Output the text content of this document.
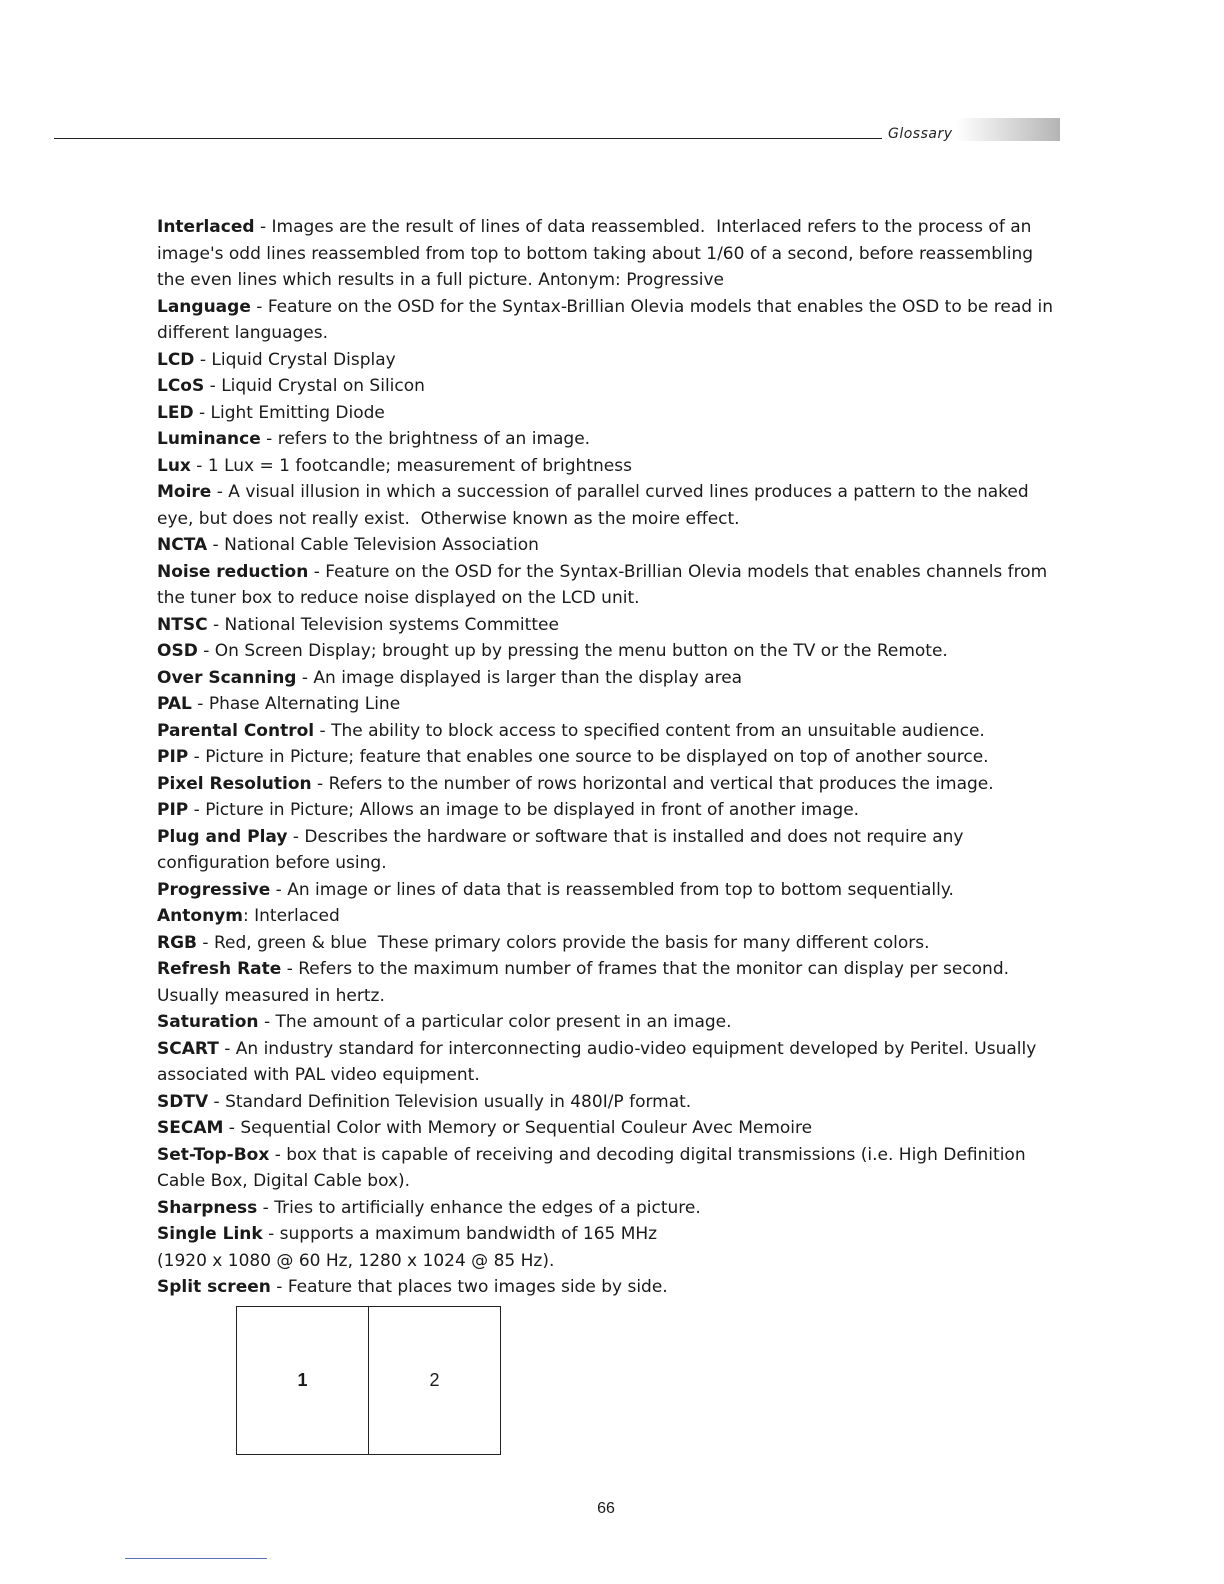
Glossary

Interlaced - Images are the result of lines of data reassembled.  Interlaced refers to the process of an image's odd lines reassembled from top to bottom taking about 1/60 of a second, before reassembling the even lines which results in a full picture. Antonym: Progressive

Language - Feature on the OSD for the Syntax-Brillian Olevia models that enables the OSD to be read in different languages.

LCD - Liquid Crystal Display

LCoS - Liquid Crystal on Silicon

LED - Light Emitting Diode

Luminance - refers to the brightness of an image.

Lux - 1 Lux = 1 footcandle; measurement of brightness

Moire - A visual illusion in which a succession of parallel curved lines produces a pattern to the naked eye, but does not really exist.  Otherwise known as the moire effect.

NCTA - National Cable Television Association

Noise reduction - Feature on the OSD for the Syntax-Brillian Olevia models that enables channels from the tuner box to reduce noise displayed on the LCD unit.

NTSC - National Television systems Committee

OSD - On Screen Display; brought up by pressing the menu button on the TV or the Remote.

Over Scanning - An image displayed is larger than the display area

PAL - Phase Alternating Line

Parental Control - The ability to block access to specified content from an unsuitable audience.

PIP - Picture in Picture; feature that enables one source to be displayed on top of another source.

Pixel Resolution - Refers to the number of rows horizontal and vertical that produces the image.

PIP - Picture in Picture; Allows an image to be displayed in front of another image.

Plug and Play - Describes the hardware or software that is installed and does not require any configuration before using.

Progressive - An image or lines of data that is reassembled from top to bottom sequentially.

Antonym: Interlaced

RGB - Red, green & blue  These primary colors provide the basis for many different colors.

Refresh Rate - Refers to the maximum number of frames that the monitor can display per second. Usually measured in hertz.

Saturation - The amount of a particular color present in an image.

SCART - An industry standard for interconnecting audio-video equipment developed by Peritel. Usually associated with PAL video equipment.

SDTV - Standard Definition Television usually in 480I/P format.

SECAM - Sequential Color with Memory or Sequential Couleur Avec Memoire

Set-Top-Box - box that is capable of receiving and decoding digital transmissions (i.e. High Definition Cable Box, Digital Cable box).

Sharpness - Tries to artificially enhance the edges of a picture.

Single Link - supports a maximum bandwidth of 165 MHz
(1920 x 1080 @ 60 Hz, 1280 x 1024 @ 85 Hz).

Split screen - Feature that places two images side by side.

1	2
66
